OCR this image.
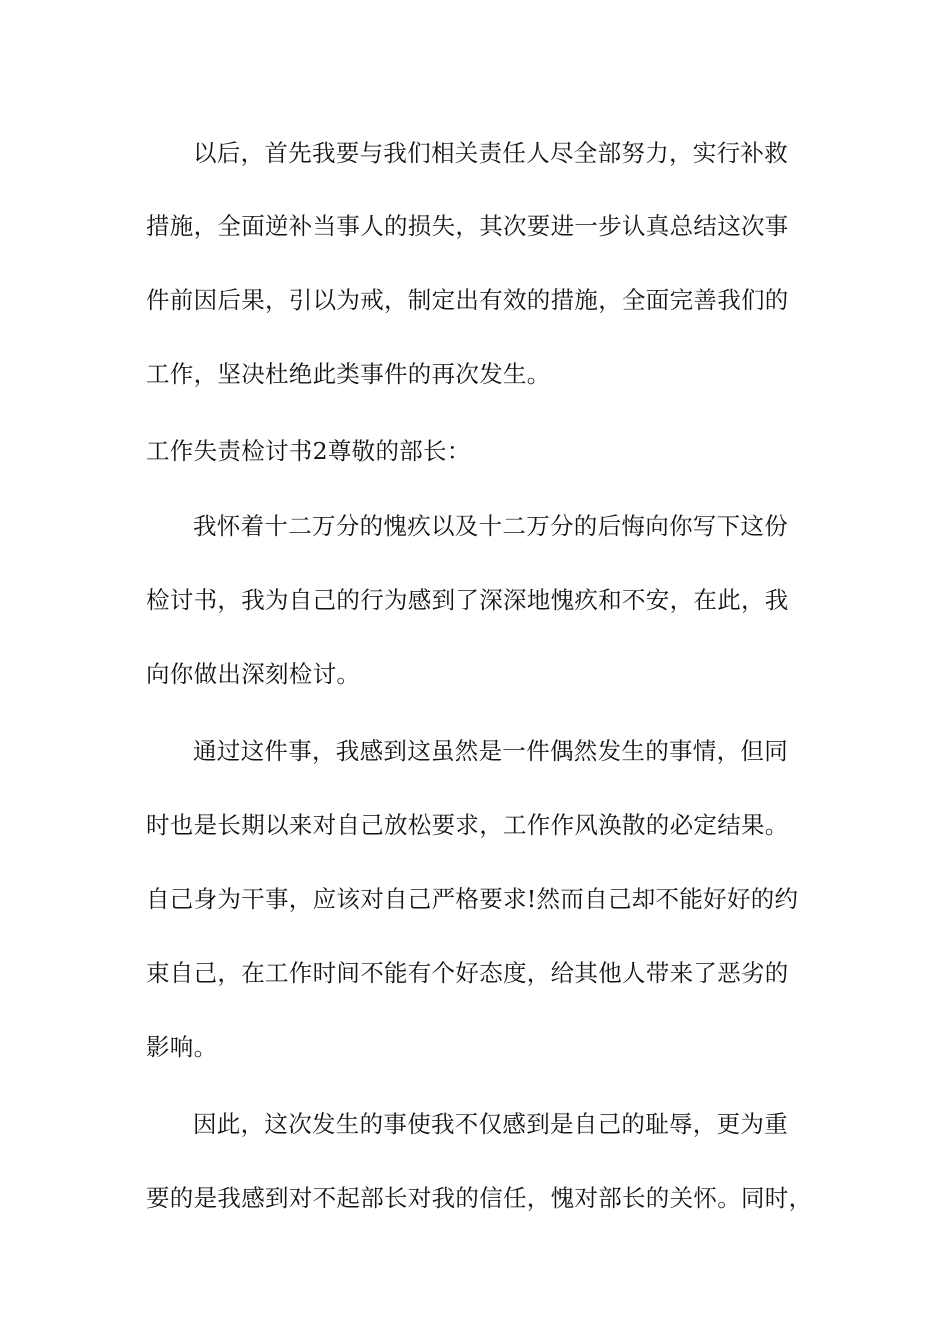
以后，首先我要与我们相关责任人尽全部努力，实行补救
措施，全面逆补当事人的损失，其次要进一步认真总结这次事
件前因后果，引以为戒，制定出有效的措施，全面完善我们的
工作，坚决杜绝此类事件的再次发生。
工作失责检讨书2尊敬的部长：
我怀着十二万分的愧疚以及十二万分的后悔向你写下这份
检讨书，我为自己的行为感到了深深地愧疚和不安，在此，我
向你做出深刻检讨。
通过这件事，我感到这虽然是一件偶然发生的事情，但同
时也是长期以来对自己放松要求，工作作风涣散的必定结果。
自己身为干事，应该对自己严格要求!然而自己却不能好好的约
束自己，在工作时间不能有个好态度，给其他人带来了恶劣的
影响。
因此，这次发生的事使我不仅感到是自己的耻辱，更为重
要的是我感到对不起部长对我的信任，愧对部长的关怀。同时，
